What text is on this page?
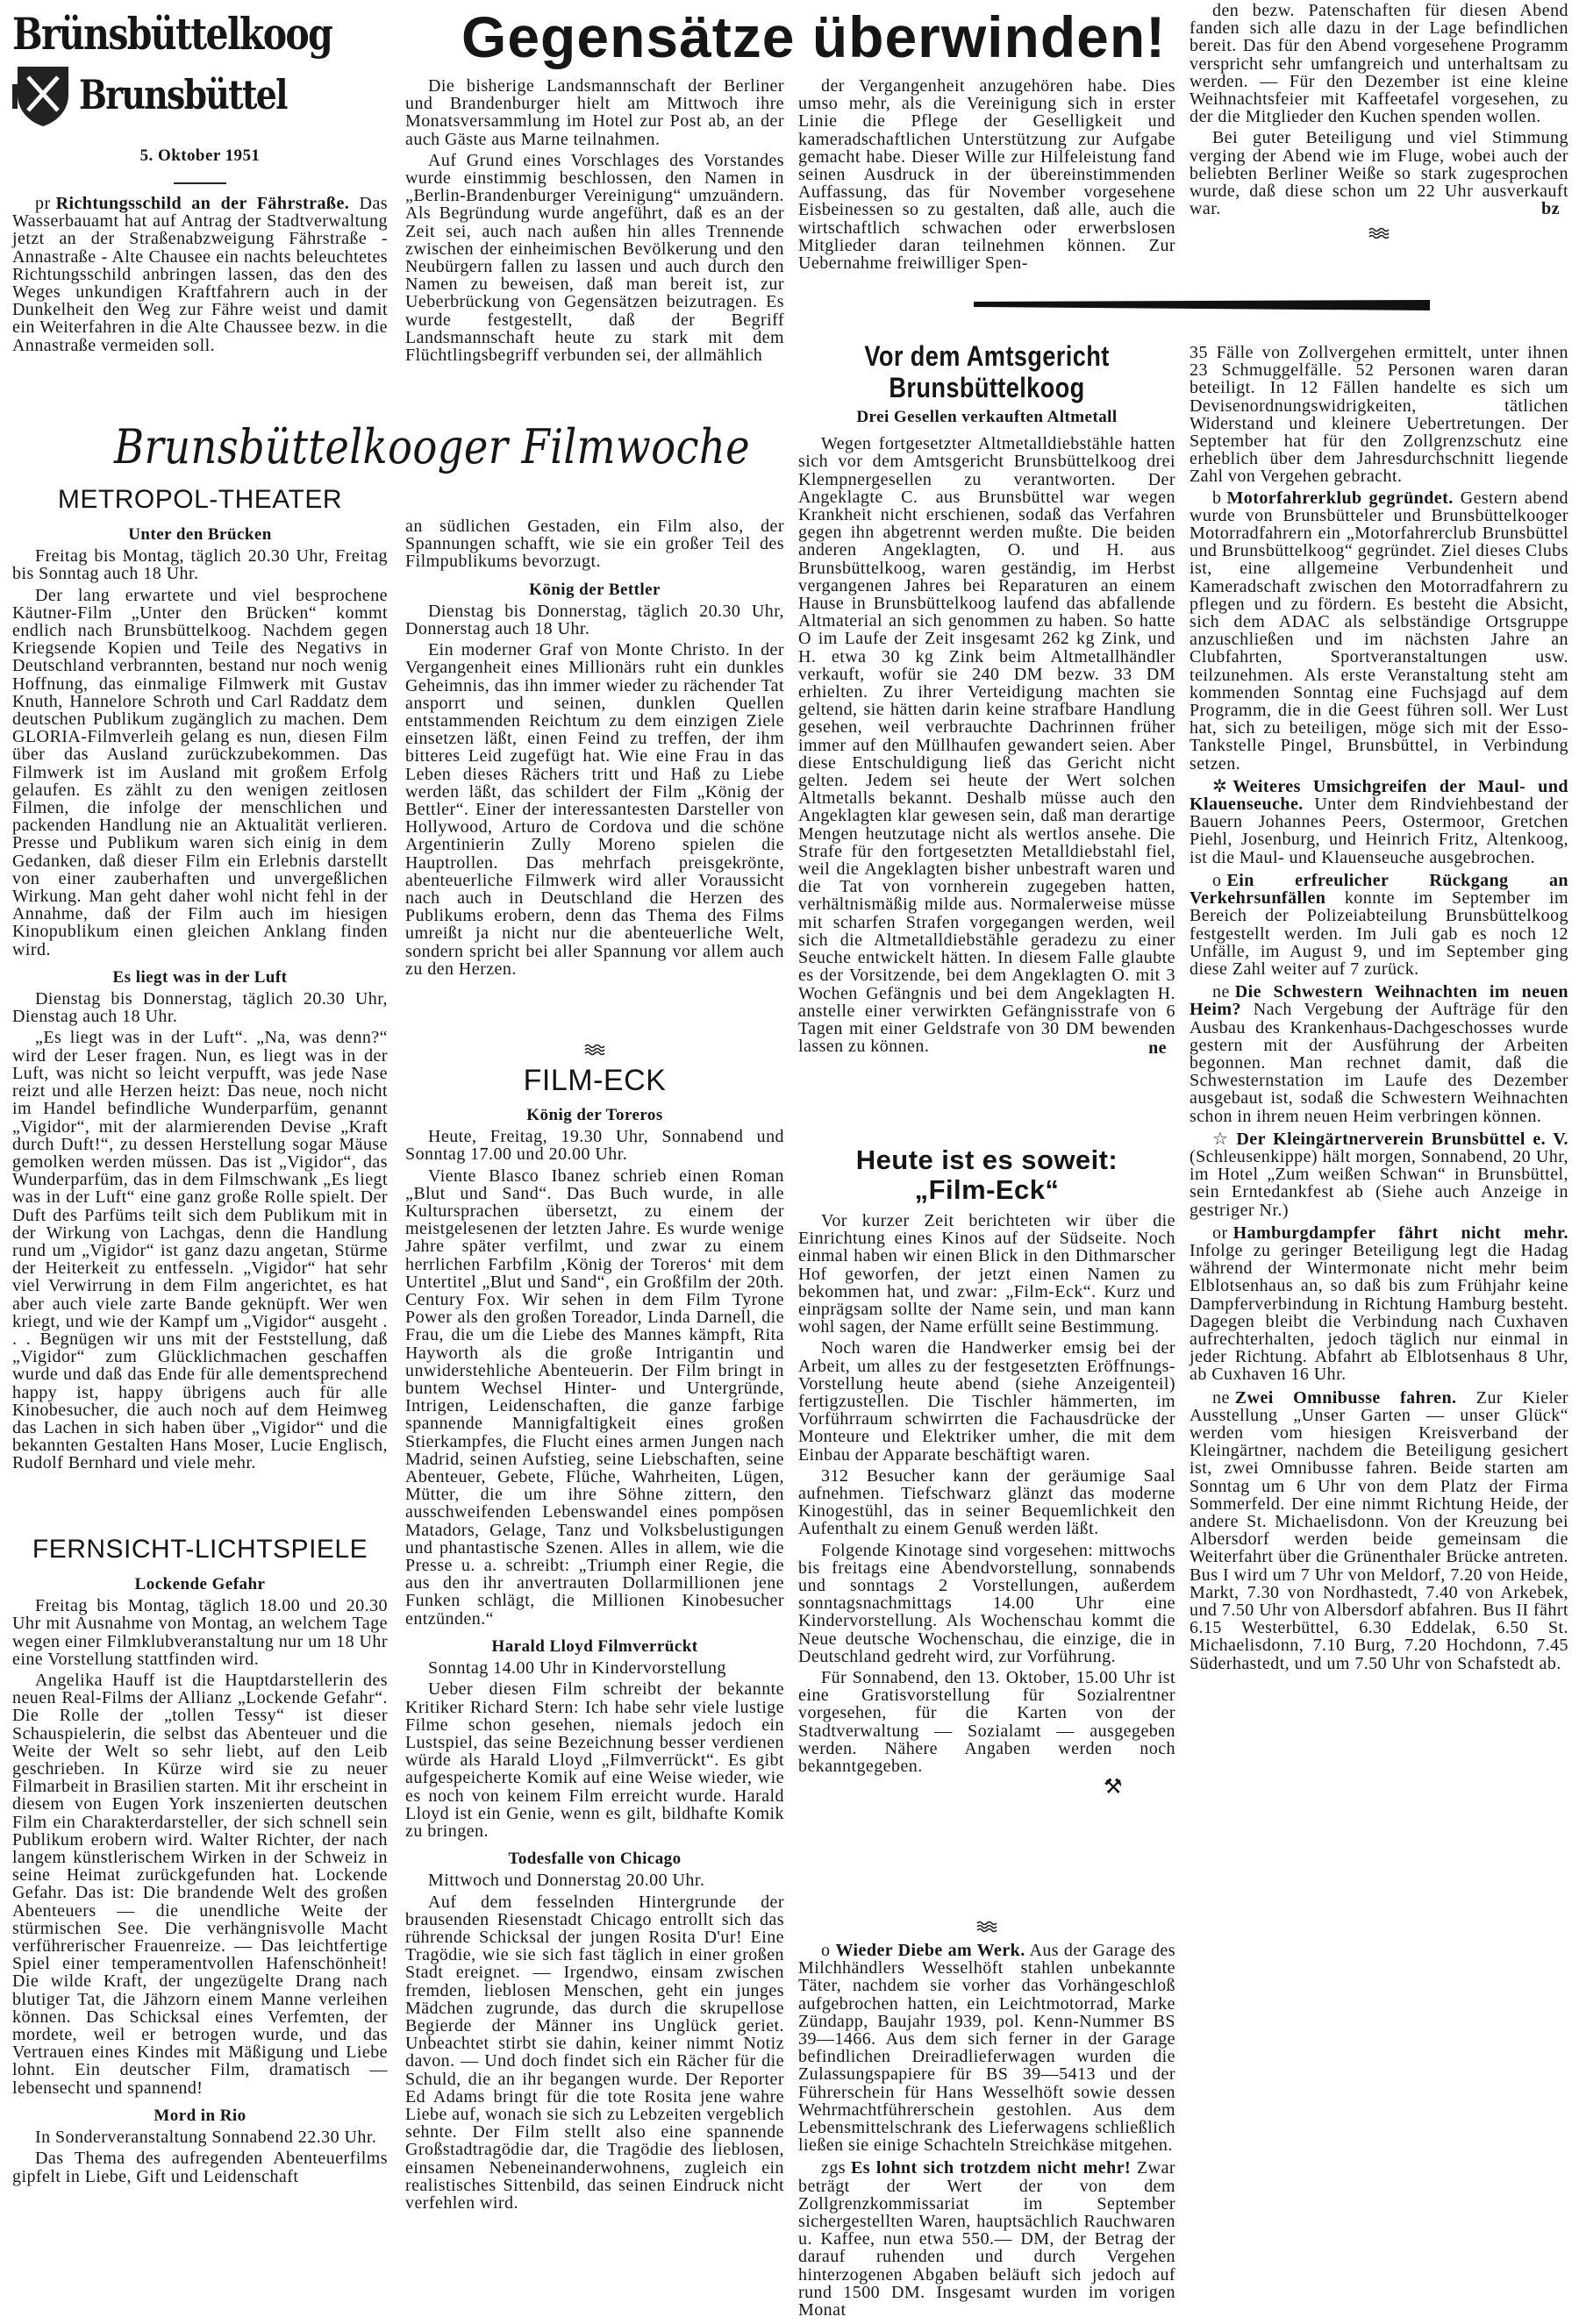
Brünsbüttelkoog
Brunsbüttel
5. Oktober 1951

pr Richtungsschild an der Fährstraße. Das Wasserbauamt hat auf Antrag der Stadtverwaltung jetzt an der Straßenabzweigung Fährstraße - Annastraße - Alte Chausee ein nachts beleuchtetes Richtungsschild anbringen lassen, das den des Weges unkundigen Kraftfahrern auch in der Dunkelheit den Weg zur Fähre weist und damit ein Weiterfahren in die Alte Chaussee bezw. in die Annastraße vermeiden soll.

Gegensätze überwinden!

Die bisherige Landsmannschaft der Berliner und Brandenburger hielt am Mittwoch ihre Monatsversammlung im Hotel zur Post ab, an der auch Gäste aus Marne teilnahmen.

Auf Grund eines Vorschlages des Vorstandes wurde einstimmig beschlossen, den Namen in „Berlin-Brandenburger Vereinigung“ umzuändern. Als Begründung wurde angeführt, daß es an der Zeit sei, auch nach außen hin alles Trennende zwischen der einheimischen Bevölkerung und den Neubürgern fallen zu lassen und auch durch den Namen zu beweisen, daß man bereit ist, zur Ueberbrückung von Gegensätzen beizutragen. Es wurde festgestellt, daß der Begriff Landsmannschaft heute zu stark mit dem Flüchtlingsbegriff verbunden sei, der allmählich

der Vergangenheit anzugehören habe. Dies umso mehr, als die Vereinigung sich in erster Linie die Pflege der Geselligkeit und kameradschaftlichen Unterstützung zur Aufgabe gemacht habe. Dieser Wille zur Hilfeleistung fand seinen Ausdruck in der übereinstimmenden Auffassung, das für November vorgesehene Eisbeinessen so zu gestalten, daß alle, auch die wirtschaftlich schwachen oder erwerbslosen Mitglieder daran teilnehmen können. Zur Uebernahme freiwilliger Spen-

den bezw. Patenschaften für diesen Abend fanden sich alle dazu in der Lage befindlichen bereit. Das für den Abend vorgesehene Programm verspricht sehr umfangreich und unterhaltsam zu werden. — Für den Dezember ist eine kleine Weihnachtsfeier mit Kaffeetafel vorgesehen, zu der die Mitglieder den Kuchen spenden wollen.

Bei guter Beteiligung und viel Stimmung verging der Abend wie im Fluge, wobei auch der beliebten Berliner Weiße so stark zugesprochen wurde, daß diese schon um 22 Uhr ausverkauft war.	bz
Brunsbüttelkooger Filmwoche
METROPOL-THEATER
Unter den Brücken

Freitag bis Montag, täglich 20.30 Uhr, Freitag bis Sonntag auch 18 Uhr.

Der lang erwartete und viel besprochene Käutner-Film „Unter den Brücken“ kommt endlich nach Brunsbüttelkoog. Nachdem gegen Kriegsende Kopien und Teile des Negativs in Deutschland verbrannten, bestand nur noch wenig Hoffnung, das einmalige Filmwerk mit Gustav Knuth, Hannelore Schroth und Carl Raddatz dem deutschen Publikum zugänglich zu machen. Dem GLORIA-Filmverleih gelang es nun, diesen Film über das Ausland zurückzubekommen. Das Filmwerk ist im Ausland mit großem Erfolg gelaufen. Es zählt zu den wenigen zeitlosen Filmen, die infolge der menschlichen und packenden Handlung nie an Aktualität verlieren. Presse und Publikum waren sich einig in dem Gedanken, daß dieser Film ein Erlebnis darstellt von einer zauberhaften und unvergeßlichen Wirkung. Man geht daher wohl nicht fehl in der Annahme, daß der Film auch im hiesigen Kinopublikum einen gleichen Anklang finden wird.

Es liegt was in der Luft

Dienstag bis Donnerstag, täglich 20.30 Uhr, Dienstag auch 18 Uhr.

„Es liegt was in der Luft“. „Na, was denn?“ wird der Leser fragen. Nun, es liegt was in der Luft, was nicht so leicht verpufft, was jede Nase reizt und alle Herzen heizt: Das neue, noch nicht im Handel befindliche Wunderparfüm, genannt „Vigidor“, mit der alarmierenden Devise „Kraft durch Duft!“, zu dessen Herstellung sogar Mäuse gemolken werden müssen. Das ist „Vigidor“, das Wunderparfüm, das in dem Filmschwank „Es liegt was in der Luft“ eine ganz große Rolle spielt. Der Duft des Parfüms teilt sich dem Publikum mit in der Wirkung von Lachgas, denn die Handlung rund um „Vigidor“ ist ganz dazu angetan, Stürme der Heiterkeit zu entfesseln. „Vigidor“ hat sehr viel Verwirrung in dem Film angerichtet, es hat aber auch viele zarte Bande geknüpft. Wer wen kriegt, und wie der Kampf um „Vigidor“ ausgeht . . . Begnügen wir uns mit der Feststellung, daß „Vigidor“ zum Glücklichmachen geschaffen wurde und daß das Ende für alle dementsprechend happy ist, happy übrigens auch für alle Kinobesucher, die auch noch auf dem Heimweg das Lachen in sich haben über „Vigidor“ und die bekannten Gestalten Hans Moser, Lucie Englisch, Rudolf Bernhard und viele mehr.

FERNSICHT-LICHTSPIELE
Lockende Gefahr

Freitag bis Montag, täglich 18.00 und 20.30 Uhr mit Ausnahme von Montag, an welchem Tage wegen einer Filmklubveranstaltung nur um 18 Uhr eine Vorstellung stattfinden wird.

Angelika Hauff ist die Hauptdarstellerin des neuen Real-Films der Allianz „Lockende Gefahr“. Die Rolle der „tollen Tessy“ ist dieser Schauspielerin, die selbst das Abenteuer und die Weite der Welt so sehr liebt, auf den Leib geschrieben. In Kürze wird sie zu neuer Filmarbeit in Brasilien starten. Mit ihr erscheint in diesem von Eugen York inszenierten deutschen Film ein Charakterdarsteller, der sich schnell sein Publikum erobern wird. Walter Richter, der nach langem künstlerischem Wirken in der Schweiz in seine Heimat zurückgefunden hat. Lockende Gefahr. Das ist: Die brandende Welt des großen Abenteuers — die unendliche Weite der stürmischen See. Die verhängnisvolle Macht verführerischer Frauenreize. — Das leichtfertige Spiel einer temperamentvollen Hafenschönheit! Die wilde Kraft, der ungezügelte Drang nach blutiger Tat, die Jähzorn einem Manne verleihen können. Das Schicksal eines Verfemten, der mordete, weil er betrogen wurde, und das Vertrauen eines Kindes mit Mäßigung und Liebe lohnt. Ein deutscher Film, dramatisch — lebensecht und spannend!

Mord in Rio

In Sonderveranstaltung Sonnabend 22.30 Uhr.

Das Thema des aufregenden Abenteuerfilms gipfelt in Liebe, Gift und Leidenschaft

an südlichen Gestaden, ein Film also, der Spannungen schafft, wie sie ein großer Teil des Filmpublikums bevorzugt.

König der Bettler

Dienstag bis Donnerstag, täglich 20.30 Uhr, Donnerstag auch 18 Uhr.

Ein moderner Graf von Monte Christo. In der Vergangenheit eines Millionärs ruht ein dunkles Geheimnis, das ihn immer wieder zu rächender Tat ansporrt und seinen, dunklen Quellen entstammenden Reichtum zu dem einzigen Ziele einsetzen läßt, einen Feind zu treffen, der ihm bitteres Leid zugefügt hat. Wie eine Frau in das Leben dieses Rächers tritt und Haß zu Liebe werden läßt, das schildert der Film „König der Bettler“. Einer der interessantesten Darsteller von Hollywood, Arturo de Cordova und die schöne Argentinierin Zully Moreno spielen die Hauptrollen. Das mehrfach preisgekrönte, abenteuerliche Filmwerk wird aller Voraussicht nach auch in Deutschland die Herzen des Publikums erobern, denn das Thema des Films umreißt ja nicht nur die abenteuerliche Welt, sondern spricht bei aller Spannung vor allem auch zu den Herzen.

FILM-ECK
König der Toreros

Heute, Freitag, 19.30 Uhr, Sonnabend und Sonntag 17.00 und 20.00 Uhr.

Viente Blasco Ibanez schrieb einen Roman „Blut und Sand“. Das Buch wurde, in alle Kultursprachen übersetzt, zu einem der meistgelesenen der letzten Jahre. Es wurde wenige Jahre später verfilmt, und zwar zu einem herrlichen Farbfilm ‚König der Toreros‘ mit dem Untertitel „Blut und Sand“, ein Großfilm der 20th. Century Fox. Wir sehen in dem Film Tyrone Power als den großen Toreador, Linda Darnell, die Frau, die um die Liebe des Mannes kämpft, Rita Hayworth als die große Intrigantin und unwiderstehliche Abenteuerin. Der Film bringt in buntem Wechsel Hinter- und Untergründe, Intrigen, Leidenschaften, die ganze farbige spannende Mannigfaltigkeit eines großen Stierkampfes, die Flucht eines armen Jungen nach Madrid, seinen Aufstieg, seine Liebschaften, seine Abenteuer, Gebete, Flüche, Wahrheiten, Lügen, Mütter, die um ihre Söhne zittern, den ausschweifenden Lebenswandel eines pompösen Matadors, Gelage, Tanz und Volksbelustigungen und phantastische Szenen. Alles in allem, wie die Presse u. a. schreibt: „Triumph einer Regie, die aus den ihr anvertrauten Dollarmillionen jene Funken schlägt, die Millionen Kinobesucher entzünden.“

Harald Lloyd Filmverrückt

Sonntag 14.00 Uhr in Kindervorstellung

Ueber diesen Film schreibt der bekannte Kritiker Richard Stern: Ich habe sehr viele lustige Filme schon gesehen, niemals jedoch ein Lustspiel, das seine Bezeichnung besser verdienen würde als Harald Lloyd „Filmverrückt“. Es gibt aufgespeicherte Komik auf eine Weise wieder, wie es noch von keinem Film erreicht wurde. Harald Lloyd ist ein Genie, wenn es gilt, bildhafte Komik zu bringen.

Todesfalle von Chicago

Mittwoch und Donnerstag 20.00 Uhr.

Auf dem fesselnden Hintergrunde der brausenden Riesenstadt Chicago entrollt sich das rührende Schicksal der jungen Rosita D'ur! Eine Tragödie, wie sie sich fast täglich in einer großen Stadt ereignet. — Irgendwo, einsam zwischen fremden, lieblosen Menschen, geht ein junges Mädchen zugrunde, das durch die skrupellose Begierde der Männer ins Unglück geriet. Unbeachtet stirbt sie dahin, keiner nimmt Notiz davon. — Und doch findet sich ein Rächer für die Schuld, die an ihr begangen wurde. Der Reporter Ed Adams bringt für die tote Rosita jene wahre Liebe auf, wonach sie sich zu Lebzeiten vergeblich sehnte. Der Film stellt also eine spannende Großstadtragödie dar, die Tragödie des lieblosen, einsamen Nebeneinanderwohnens, zugleich ein realistisches Sittenbild, das seinen Eindruck nicht verfehlen wird.

Vor dem Amtsgericht
Brunsbüttelkoog
Drei Gesellen verkauften Altmetall

Wegen fortgesetzter Altmetalldiebstähle hatten sich vor dem Amtsgericht Brunsbüttelkoog drei Klempnergesellen zu verantworten. Der Angeklagte C. aus Brunsbüttel war wegen Krankheit nicht erschienen, sodaß das Verfahren gegen ihn abgetrennt werden mußte. Die beiden anderen Angeklagten, O. und H. aus Brunsbüttelkoog, waren geständig, im Herbst vergangenen Jahres bei Reparaturen an einem Hause in Brunsbüttelkoog laufend das abfallende Altmaterial an sich genommen zu haben. So hatte O im Laufe der Zeit insgesamt 262 kg Zink, und H. etwa 30 kg Zink beim Altmetallhändler verkauft, wofür sie 240 DM bezw. 33 DM erhielten. Zu ihrer Verteidigung machten sie geltend, sie hätten darin keine strafbare Handlung gesehen, weil verbrauchte Dachrinnen früher immer auf den Müllhaufen gewandert seien. Aber diese Entschuldigung ließ das Gericht nicht gelten. Jedem sei heute der Wert solchen Altmetalls bekannt. Deshalb müsse auch den Angeklagten klar gewesen sein, daß man derartige Mengen heutzutage nicht als wertlos ansehe. Die Strafe für den fortgesetzten Metalldiebstahl fiel, weil die Angeklagten bisher unbestraft waren und die Tat von vornherein zugegeben hatten, verhältnismäßig milde aus. Normalerweise müsse mit scharfen Strafen vorgegangen werden, weil sich die Altmetalldiebstähle geradezu zu einer Seuche entwickelt hätten. In diesem Falle glaubte es der Vorsitzende, bei dem Angeklagten O. mit 3 Wochen Gefängnis und bei dem Angeklagten H. anstelle einer verwirkten Gefängnisstrafe von 6 Tagen mit einer Geldstrafe von 30 DM bewenden lassen zu können.	ne
Heute ist es soweit:
„Film-Eck“

Vor kurzer Zeit berichteten wir über die Einrichtung eines Kinos auf der Südseite. Noch einmal haben wir einen Blick in den Dithmarscher Hof geworfen, der jetzt einen Namen zu bekommen hat, und zwar: „Film-Eck“. Kurz und einprägsam sollte der Name sein, und man kann wohl sagen, der Name erfüllt seine Bestimmung.

Noch waren die Handwerker emsig bei der Arbeit, um alles zu der festgesetzten Eröffnungs-Vorstellung heute abend (siehe Anzeigenteil) fertigzustellen. Die Tischler hämmerten, im Vorführraum schwirrten die Fachausdrücke der Monteure und Elektriker umher, die mit dem Einbau der Apparate beschäftigt waren.

312 Besucher kann der geräumige Saal aufnehmen. Tiefschwarz glänzt das moderne Kinogestühl, das in seiner Bequemlichkeit den Aufenthalt zu einem Genuß werden läßt.

Folgende Kinotage sind vorgesehen: mittwochs bis freitags eine Abendvorstellung, sonnabends und sonntags 2 Vorstellungen, außerdem sonntagsnachmittags 14.00 Uhr eine Kindervorstellung. Als Wochenschau kommt die Neue deutsche Wochenschau, die einzige, die in Deutschland gedreht wird, zur Vorführung.

Für Sonnabend, den 13. Oktober, 15.00 Uhr ist eine Gratisvorstellung für Sozialrentner vorgesehen, für die Karten von der Stadtverwaltung — Sozialamt — ausgegeben werden. Nähere Angaben werden noch bekanntgegeben.

⚒

o Wieder Diebe am Werk. Aus der Garage des Milchhändlers Wesselhöft stahlen unbekannte Täter, nachdem sie vorher das Vorhängeschloß aufgebrochen hatten, ein Leichtmotorrad, Marke Zündapp, Baujahr 1939, pol. Kenn-Nummer BS 39—1466. Aus dem sich ferner in der Garage befindlichen Dreiradlieferwagen wurden die Zulassungspapiere für BS 39—5413 und der Führerschein für Hans Wesselhöft sowie dessen Wehrmachtführerschein gestohlen. Aus dem Lebensmittelschrank des Lieferwagens schließlich ließen sie einige Schachteln Streichkäse mitgehen.

zgs Es lohnt sich trotzdem nicht mehr! Zwar beträgt der Wert der von dem Zollgrenzkommissariat im September sichergestellten Waren, hauptsächlich Rauchwaren u. Kaffee, nun etwa 550.— DM, der Betrag der darauf ruhenden und durch Vergehen hinterzogenen Abgaben beläuft sich jedoch auf rund 1500 DM. Insgesamt wurden im vorigen Monat

35 Fälle von Zollvergehen ermittelt, unter ihnen 23 Schmuggelfälle. 52 Personen waren daran beteiligt. In 12 Fällen handelte es sich um Devisenordnungswidrigkeiten, tätlichen Widerstand und kleinere Uebertretungen. Der September hat für den Zollgrenzschutz eine erheblich über dem Jahresdurchschnitt liegende Zahl von Vergehen gebracht.

b Motorfahrerklub gegründet. Gestern abend wurde von Brunsbütteler und Brunsbüttelkooger Motorradfahrern ein „Motorfahrerclub Brunsbüttel und Brunsbüttelkoog“ gegründet. Ziel dieses Clubs ist, eine allgemeine Verbundenheit und Kameradschaft zwischen den Motorradfahrern zu pflegen und zu fördern. Es besteht die Absicht, sich dem ADAC als selbständige Ortsgruppe anzuschließen und im nächsten Jahre an Clubfahrten, Sportveranstaltungen usw. teilzunehmen. Als erste Veranstaltung steht am kommenden Sonntag eine Fuchsjagd auf dem Programm, die in die Geest führen soll. Wer Lust hat, sich zu beteiligen, möge sich mit der Esso-Tankstelle Pingel, Brunsbüttel, in Verbindung setzen.

✲ Weiteres Umsichgreifen der Maul- und Klauenseuche. Unter dem Rindviehbestand der Bauern Johannes Peers, Ostermoor, Gretchen Piehl, Josenburg, und Heinrich Fritz, Altenkoog, ist die Maul- und Klauenseuche ausgebrochen.

o Ein erfreulicher Rückgang an Verkehrsunfällen konnte im September im Bereich der Polizeiabteilung Brunsbüttelkoog festgestellt werden. Im Juli gab es noch 12 Unfälle, im August 9, und im September ging diese Zahl weiter auf 7 zurück.

ne Die Schwestern Weihnachten im neuen Heim? Nach Vergebung der Aufträge für den Ausbau des Krankenhaus-Dachgeschosses wurde gestern mit der Ausführung der Arbeiten begonnen. Man rechnet damit, daß die Schwesternstation im Laufe des Dezember ausgebaut ist, sodaß die Schwestern Weihnachten schon in ihrem neuen Heim verbringen können.

☆ Der Kleingärtnerverein Brunsbüttel e. V. (Schleusenkippe) hält morgen, Sonnabend, 20 Uhr, im Hotel „Zum weißen Schwan“ in Brunsbüttel, sein Erntedankfest ab (Siehe auch Anzeige in gestriger Nr.)

or Hamburgdampfer fährt nicht mehr. Infolge zu geringer Beteiligung legt die Hadag während der Wintermonate nicht mehr beim Elblotsenhaus an, so daß bis zum Frühjahr keine Dampferverbindung in Richtung Hamburg besteht. Dagegen bleibt die Verbindung nach Cuxhaven aufrechterhalten, jedoch täglich nur einmal in jeder Richtung. Abfahrt ab Elblotsenhaus 8 Uhr, ab Cuxhaven 16 Uhr.

ne Zwei Omnibusse fahren. Zur Kieler Ausstellung „Unser Garten — unser Glück“ werden vom hiesigen Kreisverband der Kleingärtner, nachdem die Beteiligung gesichert ist, zwei Omnibusse fahren. Beide starten am Sonntag um 6 Uhr von dem Platz der Firma Sommerfeld. Der eine nimmt Richtung Heide, der andere St. Michaelisdonn. Von der Kreuzung bei Albersdorf werden beide gemeinsam die Weiterfahrt über die Grünenthaler Brücke antreten. Bus I wird um 7 Uhr von Meldorf, 7.20 von Heide, Markt, 7.30 von Nordhastedt, 7.40 von Arkebek, und 7.50 Uhr von Albersdorf abfahren. Bus II fährt 6.15 Westerbüttel, 6.30 Eddelak, 6.50 St. Michaelisdonn, 7.10 Burg, 7.20 Hochdonn, 7.45 Süderhastedt, und um 7.50 Uhr von Schafstedt ab.
